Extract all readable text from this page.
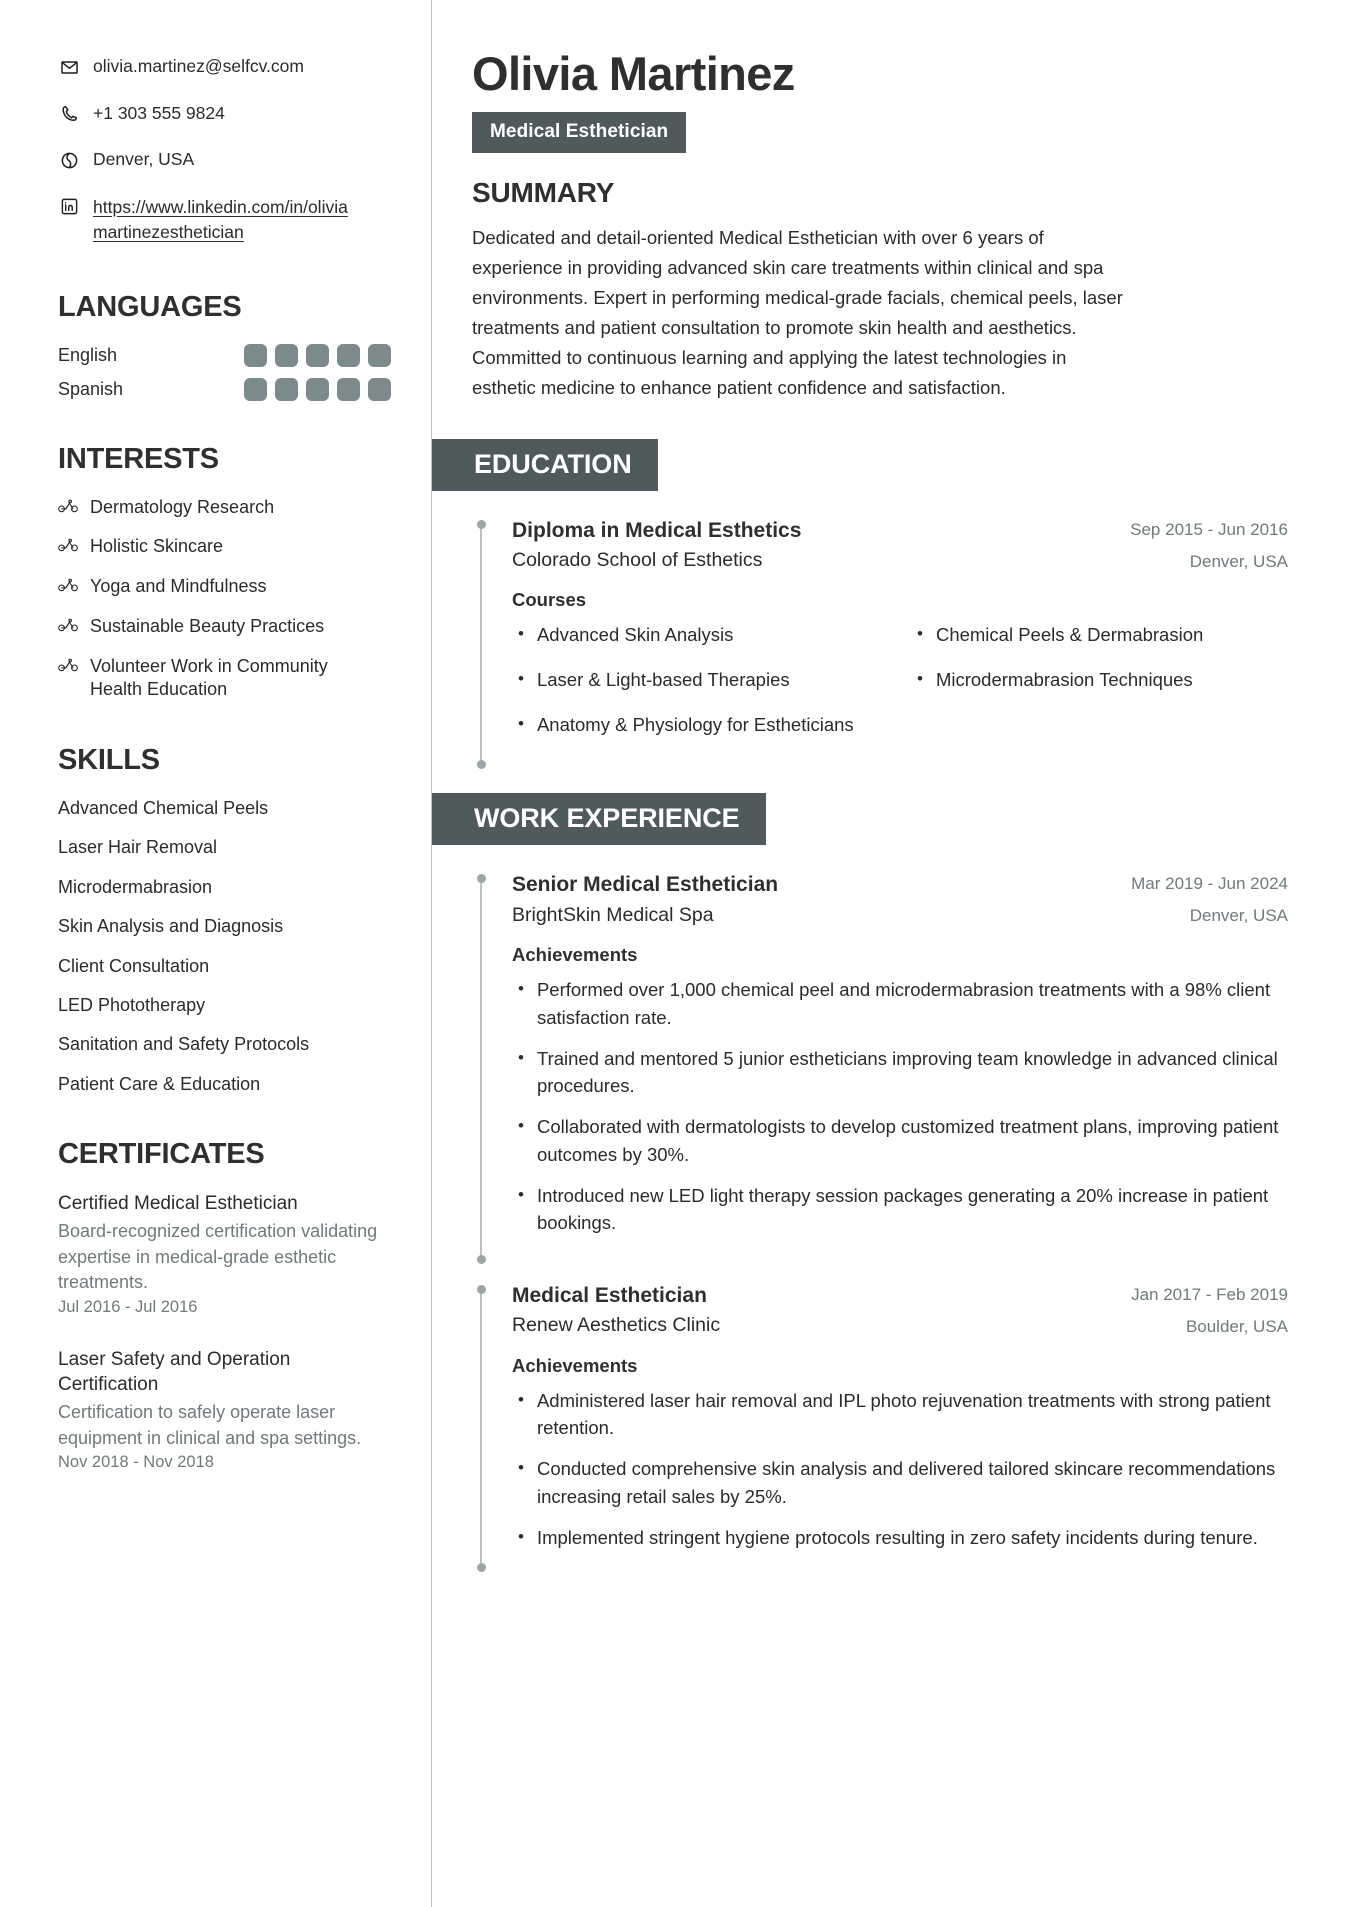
olivia.martinez@selfcv.com
+1 303 555 9824
Denver, USA
https://www.linkedin.com/in/oliviamartinezesthetician
LANGUAGES
English
Spanish
INTERESTS
Dermatology Research
Holistic Skincare
Yoga and Mindfulness
Sustainable Beauty Practices
Volunteer Work in Community Health Education
SKILLS
Advanced Chemical Peels
Laser Hair Removal
Microdermabrasion
Skin Analysis and Diagnosis
Client Consultation
LED Phototherapy
Sanitation and Safety Protocols
Patient Care & Education
CERTIFICATES
Certified Medical Esthetician
Board-recognized certification validating expertise in medical-grade esthetic treatments.
Jul 2016 - Jul 2016
Laser Safety and Operation Certification
Certification to safely operate laser equipment in clinical and spa settings.
Nov 2018 - Nov 2018
Olivia Martinez
Medical Esthetician
SUMMARY

Dedicated and detail-oriented Medical Esthetician with over 6 years of experience in providing advanced skin care treatments within clinical and spa environments. Expert in performing medical-grade facials, chemical peels, laser treatments and patient consultation to promote skin health and aesthetics. Committed to continuous learning and applying the latest technologies in esthetic medicine to enhance patient confidence and satisfaction.

EDUCATION
Diploma in Medical Esthetics
Colorado School of Esthetics
Sep 2015 - Jun 2016
Denver, USA
Courses
• Advanced Skin Analysis	• Chemical Peels & Dermabrasion
• Laser & Light-based Therapies	• Microdermabrasion Techniques
• Anatomy & Physiology for Estheticians
WORK EXPERIENCE
Senior Medical Esthetician
BrightSkin Medical Spa
Mar 2019 - Jun 2024
Denver, USA
Achievements
• Performed over 1,000 chemical peel and microdermabrasion treatments with a 98% client satisfaction rate.
• Trained and mentored 5 junior estheticians improving team knowledge in advanced clinical procedures.
• Collaborated with dermatologists to develop customized treatment plans, improving patient outcomes by 30%.
• Introduced new LED light therapy session packages generating a 20% increase in patient bookings.
Medical Esthetician
Renew Aesthetics Clinic
Jan 2017 - Feb 2019
Boulder, USA
Achievements
• Administered laser hair removal and IPL photo rejuvenation treatments with strong patient retention.
• Conducted comprehensive skin analysis and delivered tailored skincare recommendations increasing retail sales by 25%.
• Implemented stringent hygiene protocols resulting in zero safety incidents during tenure.
